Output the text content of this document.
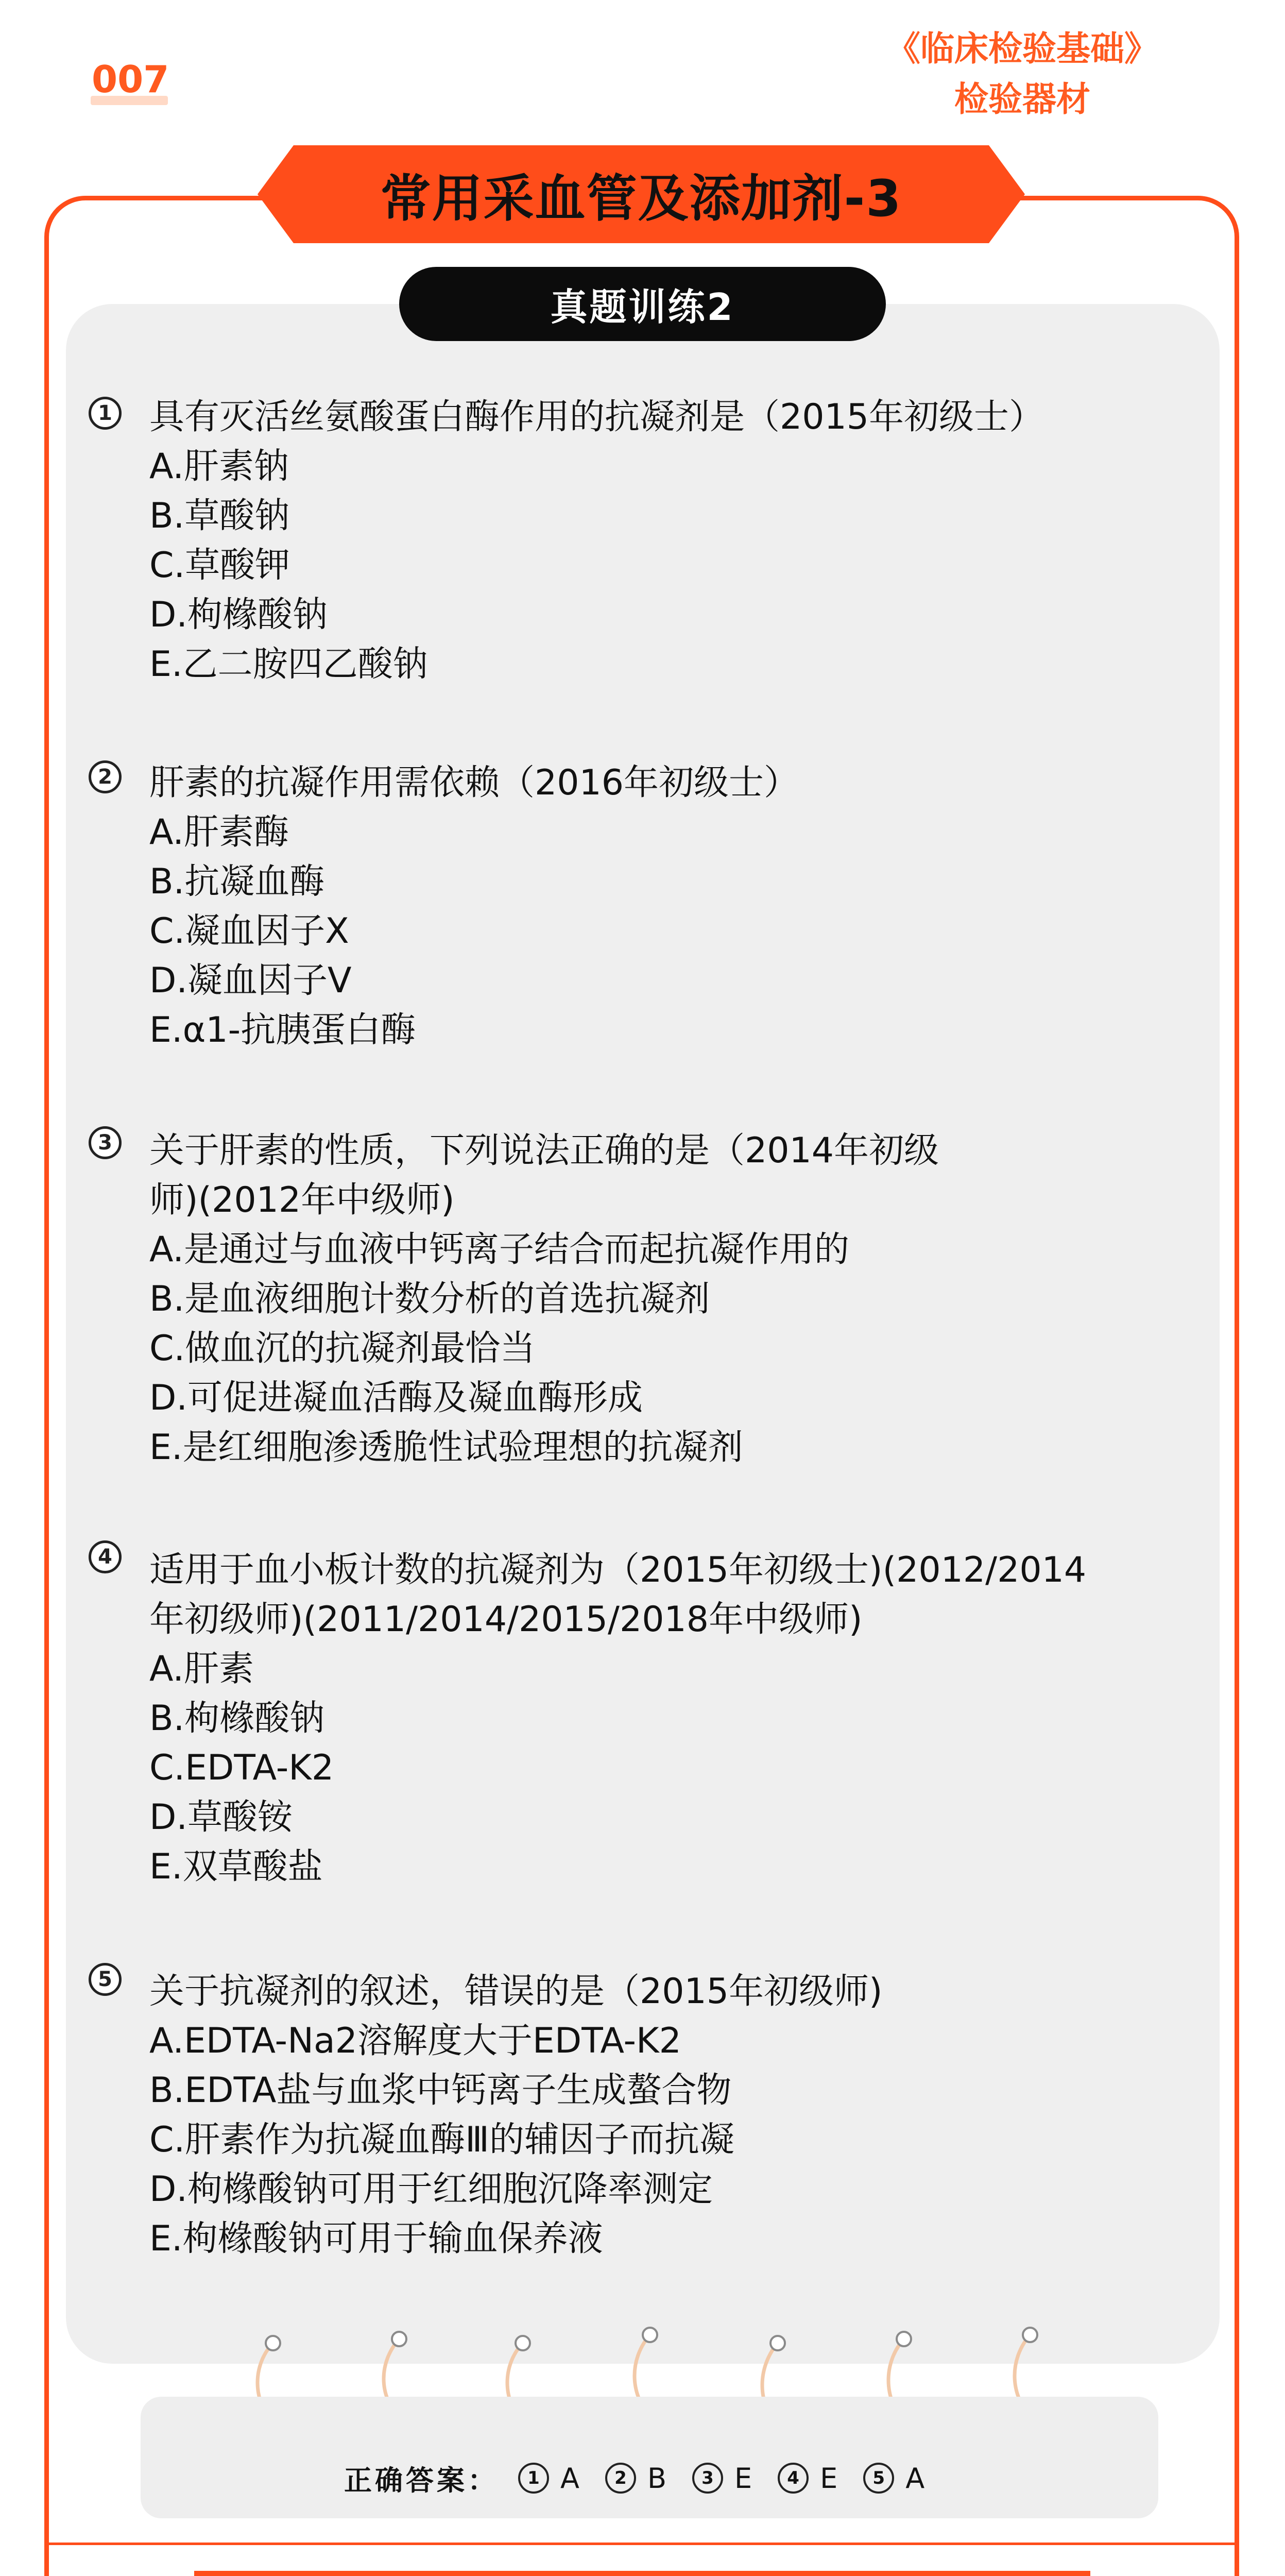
007
《临床检验基础》
检验器材
常用采血管及添加剂-3
真题训练2
1 具有灭活丝氨酸蛋白酶作用的抗凝剂是（2015年初级士）
A.肝素钠
B.草酸钠
C.草酸钾
D.枸橼酸钠
E.乙二胺四乙酸钠
2 肝素的抗凝作用需依赖（2016年初级士）
A.肝素酶
B.抗凝血酶
C.凝血因子Ⅹ
D.凝血因子V
E.α1-抗胰蛋白酶
3 关于肝素的性质，下列说法正确的是（2014年初级
师)(2012年中级师)
A.是通过与血液中钙离子结合而起抗凝作用的
B.是血液细胞计数分析的首选抗凝剂
C.做血沉的抗凝剂最恰当
D.可促进凝血活酶及凝血酶形成
E.是红细胞渗透脆性试验理想的抗凝剂
4 适用于血小板计数的抗凝剂为（2015年初级士)(2012/2014
年初级师)(2011/2014/2015/2018年中级师)
A.肝素
B.枸橼酸钠
C.EDTA-K2
D.草酸铵
E.双草酸盐
5 关于抗凝剂的叙述，错误的是（2015年初级师)
A.EDTA-Na2溶解度大于EDTA-K2
B.EDTA盐与血浆中钙离子生成螯合物
C.肝素作为抗凝血酶Ⅲ的辅因子而抗凝
D.枸橼酸钠可用于红细胞沉降率测定
E.枸橼酸钠可用于输血保养液
正确答案：	1 A	2 B	3 E	4 E	5 A
